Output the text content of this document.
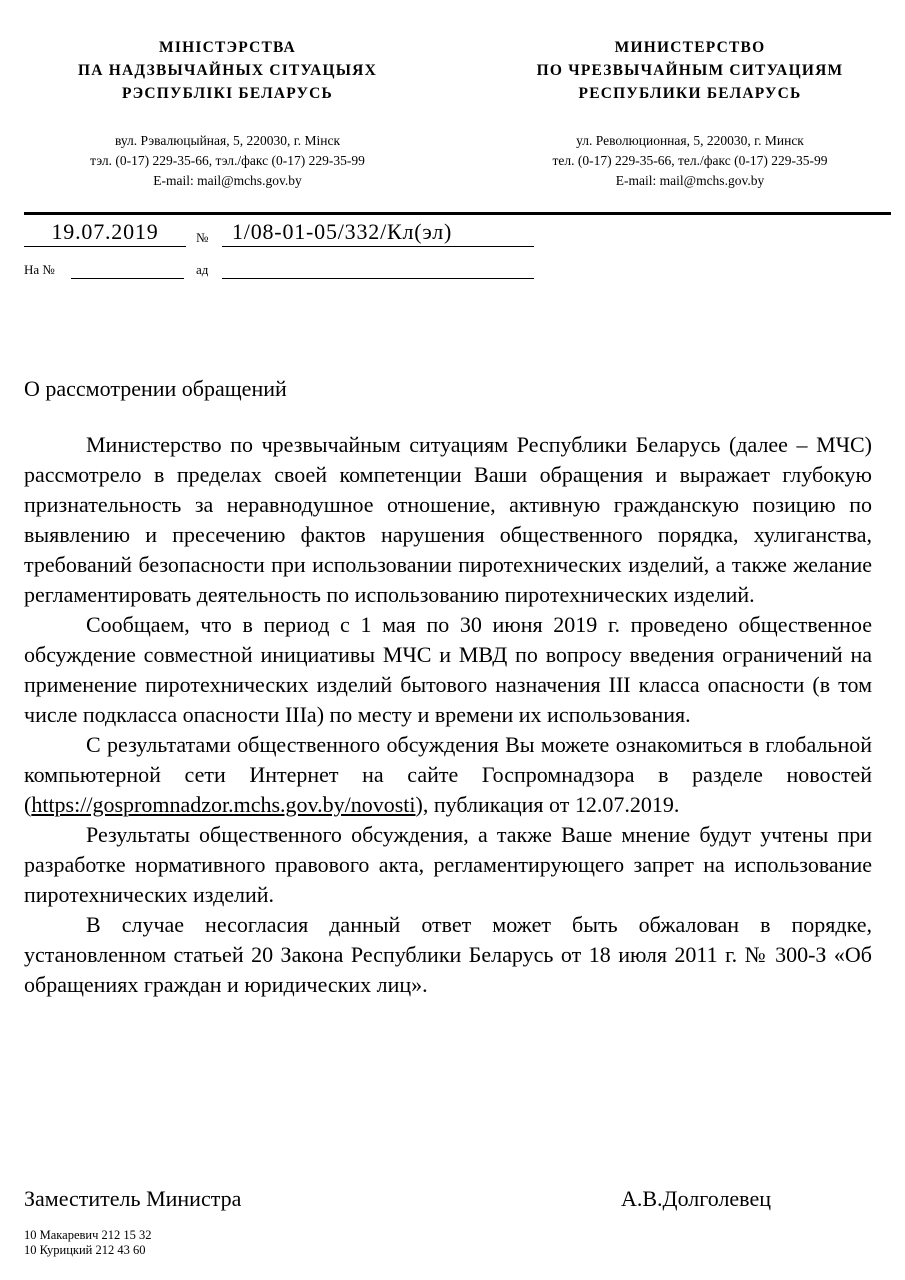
МІНІСТЭРСТВА
ПА НАДЗВЫЧАЙНЫХ СІТУАЦЫЯХ
РЭСПУБЛІКІ БЕЛАРУСЬ
вул. Рэвалюцыйная, 5, 220030, г. Мінск
тэл. (0-17) 229-35-66, тэл./факс (0-17) 229-35-99
E-mail: mail@mchs.gov.by
МИНИСТЕРСТВО
ПО ЧРЕЗВЫЧАЙНЫМ СИТУАЦИЯМ
РЕСПУБЛИКИ БЕЛАРУСЬ
ул. Революционная, 5, 220030, г. Минск
тел. (0-17) 229-35-66, тел./факс (0-17) 229-35-99
E-mail: mail@mchs.gov.by
19.07.2019	№	1/08-01-05/332/Кл(эл)
На №	ад
О рассмотрении обращений

Министерство по чрезвычайным ситуациям Республики Беларусь (далее – МЧС) рассмотрело в пределах своей компетенции Ваши обращения и выражает глубокую признательность за неравнодушное отношение, активную гражданскую позицию по выявлению и пресечению фактов нарушения общественного порядка, хулиганства, требований безопасности при использовании пиротехнических изделий, а также желание регламентировать деятельность по использованию пиротехнических изделий.

Сообщаем, что в период с 1 мая по 30 июня 2019 г. проведено общественное обсуждение совместной инициативы МЧС и МВД по вопросу введения ограничений на применение пиротехнических изделий бытового назначения III класса опасности (в том числе подкласса опасности IIIа) по месту и времени их использования.

С результатами общественного обсуждения Вы можете ознакомиться в глобальной компьютерной сети Интернет на сайте Госпромнадзора в разделе новостей (https://gospromnadzor.mchs.gov.by/novosti), публикация от 12.07.2019.

Результаты общественного обсуждения, а также Ваше мнение будут учтены при разработке нормативного правового акта, регламентирующего запрет на использование пиротехнических изделий.

В случае несогласия данный ответ может быть обжалован в порядке, установленном статьей 20 Закона Республики Беларусь от 18 июля 2011 г. № 300-З «Об обращениях граждан и юридических лиц».

Заместитель Министра	А.В.Долголевец
10 Макаревич 212 15 32
10 Курицкий 212 43 60
